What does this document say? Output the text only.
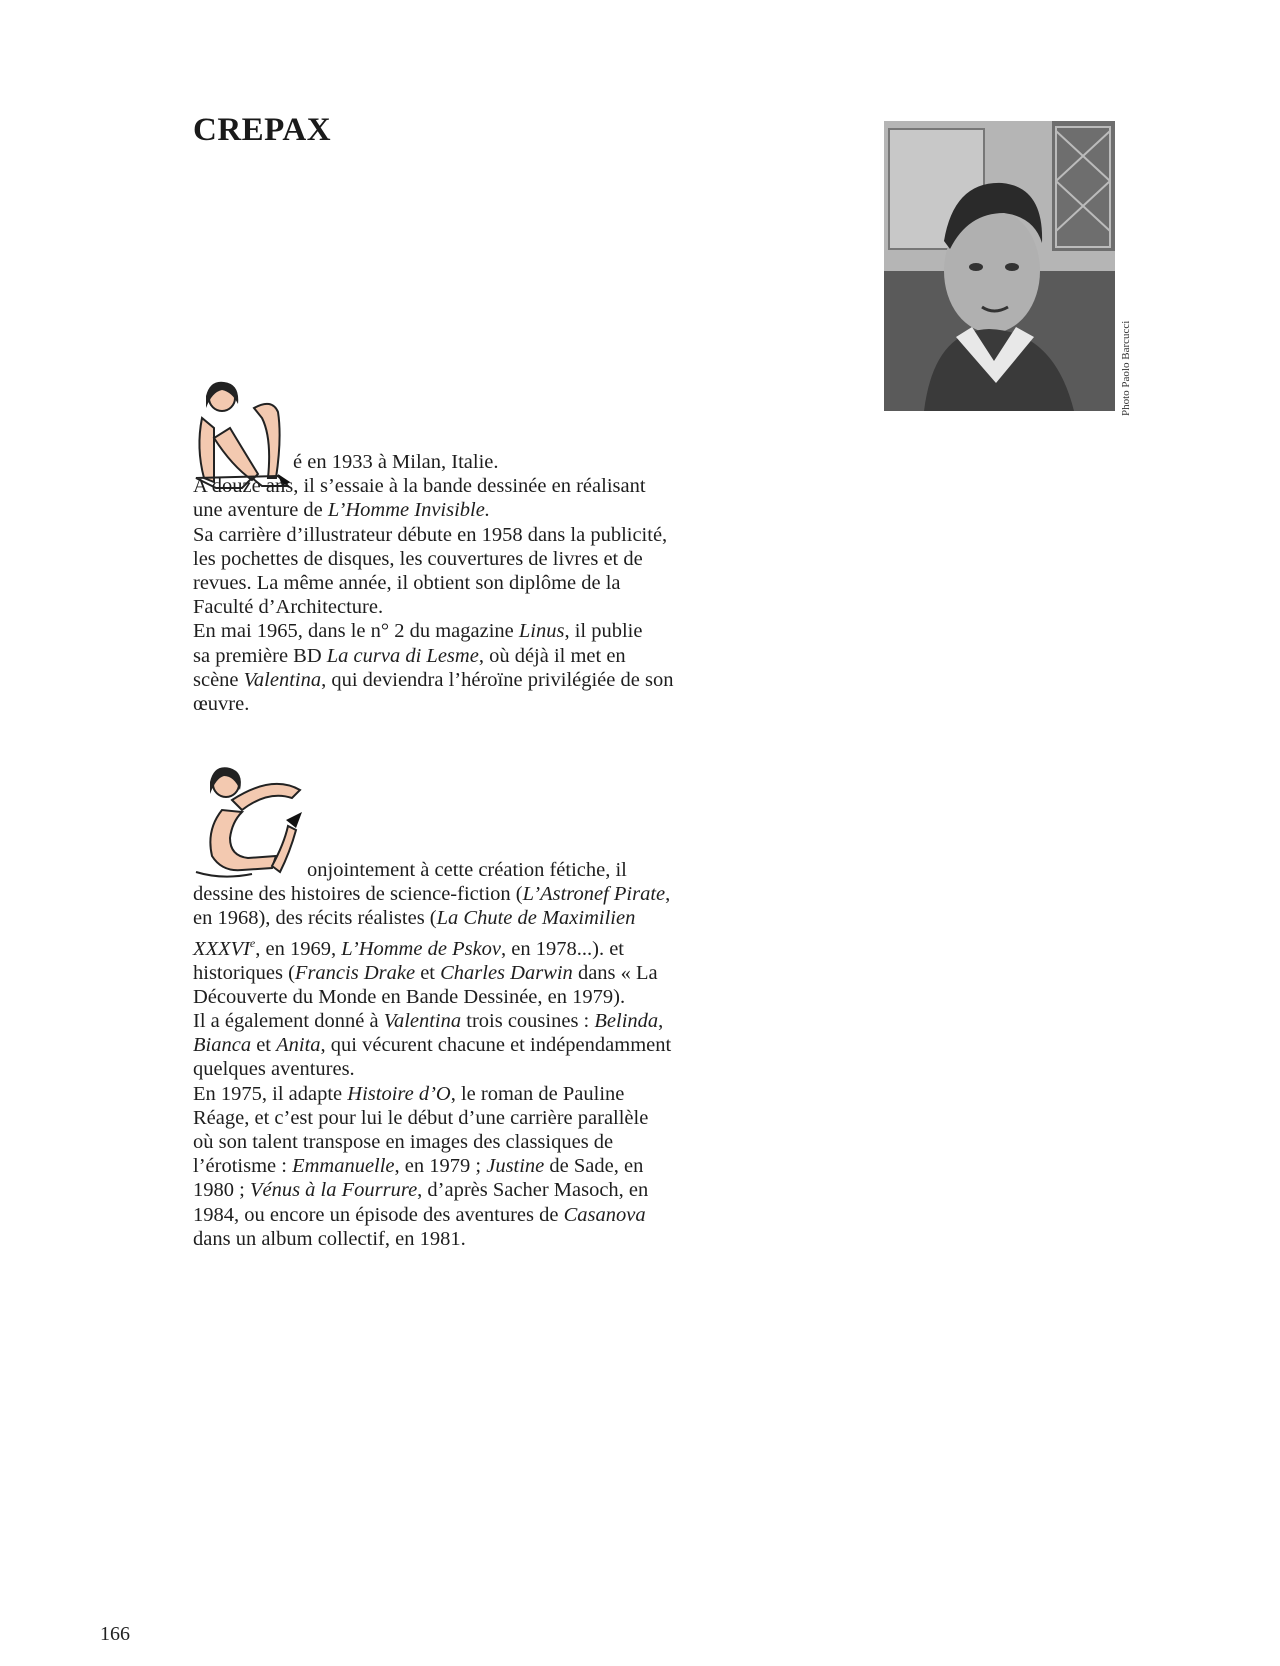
CREPAX
Photo Paolo Barcucci
é en 1933 à Milan, Italie.
A douze ans, il s’essaie à la bande dessinée en réalisant
une aventure de L’Homme Invisible.
Sa carrière d’illustrateur débute en 1958 dans la publicité,
les pochettes de disques, les couvertures de livres et de
revues. La même année, il obtient son diplôme de la
Faculté d’Architecture.
En mai 1965, dans le n° 2 du magazine Linus, il publie
sa première BD La curva di Lesme, où déjà il met en
scène Valentina, qui deviendra l’héroïne privilégiée de son
œuvre.
onjointement à cette création fétiche, il
dessine des histoires de science-fiction (L’Astronef Pirate,
en 1968), des récits réalistes (La Chute de Maximilien
XXXVIe, en 1969, L’Homme de Pskov, en 1978...). et
historiques (Francis Drake et Charles Darwin dans « La
Découverte du Monde en Bande Dessinée, en 1979).
Il a également donné à Valentina trois cousines : Belinda,
Bianca et Anita, qui vécurent chacune et indépendamment
quelques aventures.
En 1975, il adapte Histoire d’O, le roman de Pauline
Réage, et c’est pour lui le début d’une carrière parallèle
où son talent transpose en images des classiques de
l’érotisme : Emmanuelle, en 1979 ; Justine de Sade, en
1980 ; Vénus à la Fourrure, d’après Sacher Masoch, en
1984, ou encore un épisode des aventures de Casanova
dans un album collectif, en 1981.
166
